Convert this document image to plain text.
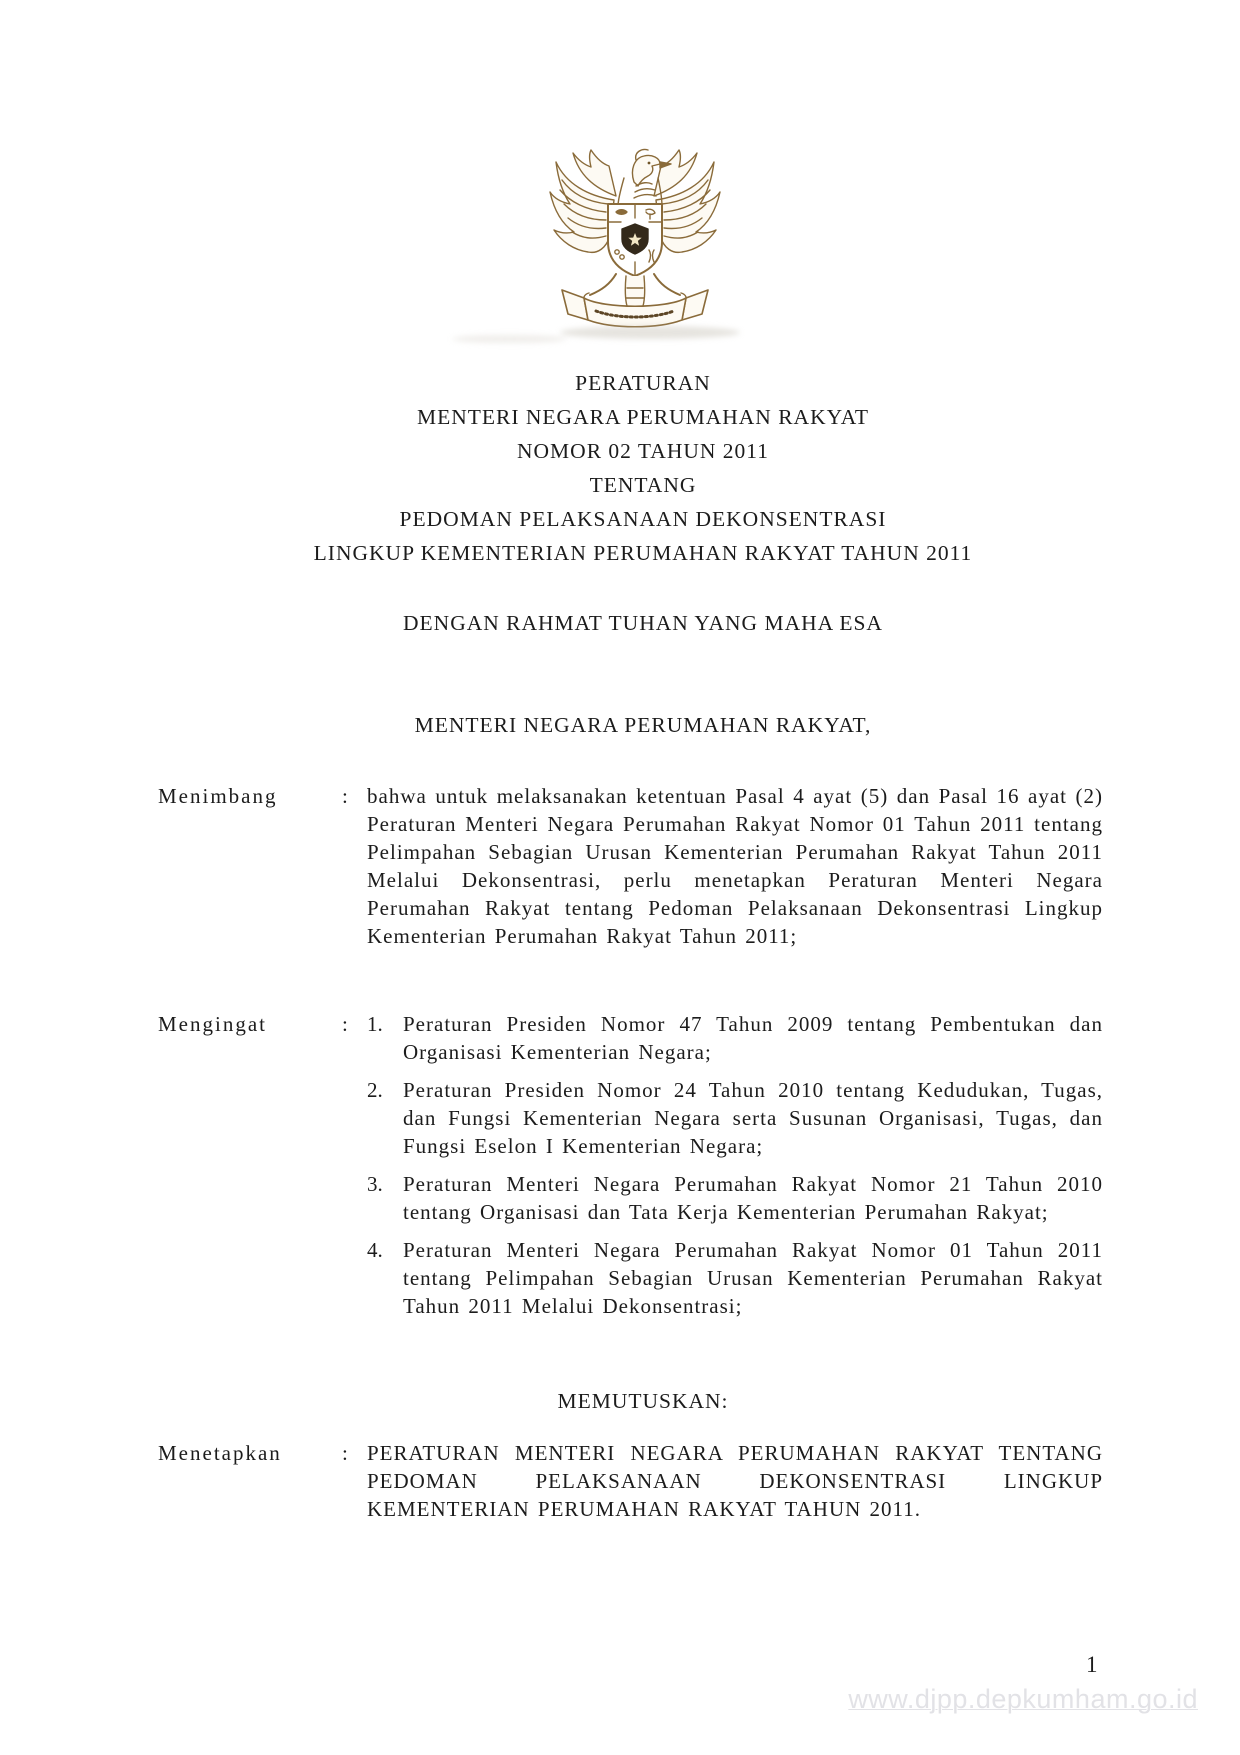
PERATURAN
MENTERI NEGARA PERUMAHAN RAKYAT
NOMOR 02 TAHUN 2011
TENTANG
PEDOMAN PELAKSANAAN DEKONSENTRASI
LINGKUP KEMENTERIAN PERUMAHAN RAKYAT TAHUN 2011
DENGAN RAHMAT TUHAN YANG MAHA ESA
MENTERI NEGARA PERUMAHAN RAKYAT,
Menimbang	: bahwa untuk melaksanakan ketentuan Pasal 4 ayat (5) dan Pasal 16 ayat (2) Peraturan Menteri Negara Perumahan Rakyat Nomor 01 Tahun 2011 tentang Pelimpahan Sebagian Urusan Kementerian Perumahan Rakyat Tahun 2011 Melalui Dekonsentrasi, perlu menetapkan Peraturan Menteri Negara Perumahan Rakyat tentang Pedoman Pelaksanaan Dekonsentrasi Lingkup Kementerian Perumahan Rakyat Tahun 2011;
Mengingat	: 1. Peraturan Presiden Nomor 47 Tahun 2009 tentang Pembentukan dan Organisasi Kementerian Negara;
2. Peraturan Presiden Nomor 24 Tahun 2010 tentang Kedudukan, Tugas, dan Fungsi Kementerian Negara serta Susunan Organisasi, Tugas, dan Fungsi Eselon I Kementerian Negara;
3. Peraturan Menteri Negara Perumahan Rakyat Nomor 21 Tahun 2010 tentang Organisasi dan Tata Kerja Kementerian Perumahan Rakyat;
4. Peraturan Menteri Negara Perumahan Rakyat Nomor 01 Tahun 2011 tentang Pelimpahan Sebagian Urusan Kementerian Perumahan Rakyat Tahun 2011 Melalui Dekonsentrasi;
MEMUTUSKAN:
Menetapkan	: PERATURAN MENTERI NEGARA PERUMAHAN RAKYAT TENTANG PEDOMAN PELAKSANAAN DEKONSENTRASI LINGKUP KEMENTERIAN PERUMAHAN RAKYAT TAHUN 2011.
1
www.djpp.depkumham.go.id
